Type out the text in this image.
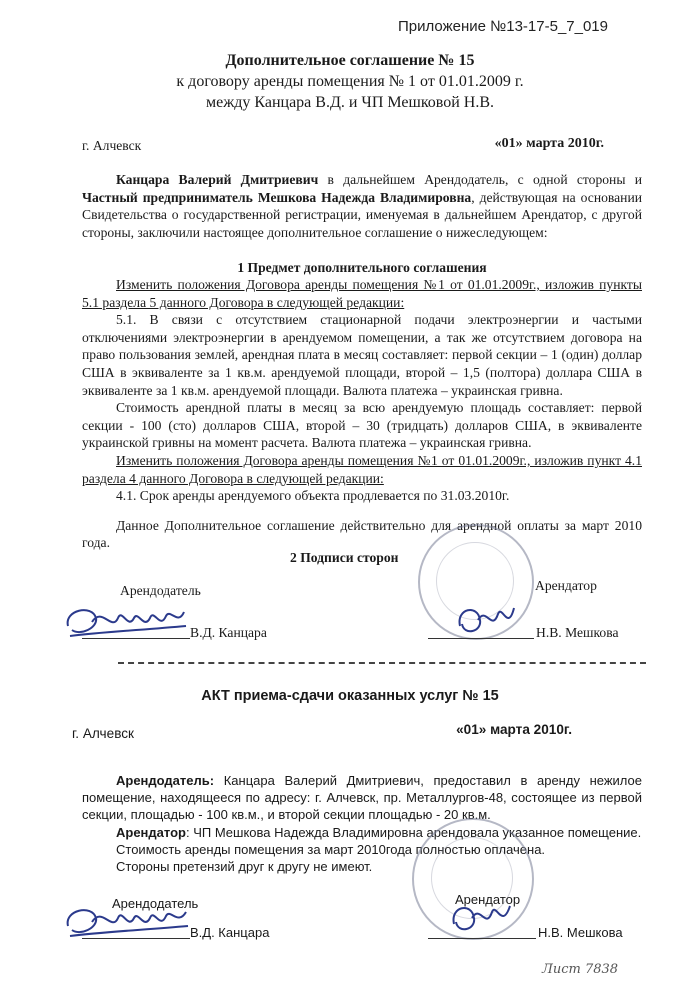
Приложение №13-17-5_7_019
Дополнительное соглашение № 15
к договору аренды помещения № 1 от 01.01.2009 г.
между Канцара В.Д. и ЧП Мешковой Н.В.
г. Алчевск	«01» марта 2010г.

Канцара Валерий Дмитриевич в дальнейшем Арендодатель, с одной стороны и Частный предприниматель Мешкова Надежда Владимировна, действующая на основании Свидетельства о государственной регистрации, именуемая в дальнейшем Арендатор, с другой стороны, заключили настоящее дополнительное соглашение о нижеследующем:

1 Предмет дополнительного соглашения

Изменить положения Договора аренды помещения №1 от 01.01.2009г., изложив пункты 5.1 раздела 5 данного Договора в следующей редакции:

5.1. В связи с отсутствием стационарной подачи электроэнергии и частыми отключениями электроэнергии в арендуемом помещении, а так же отсутствием договора на право пользования землей, арендная плата в месяц составляет: первой секции – 1 (один) доллар США в эквиваленте за 1 кв.м. арендуемой площади, второй – 1,5 (полтора) доллара США в эквиваленте за 1 кв.м. арендуемой площади. Валюта платежа – украинская гривна.

Стоимость арендной платы в месяц за всю арендуемую площадь составляет: первой секции - 100 (сто) долларов США, второй – 30 (тридцать) долларов США, в эквиваленте украинской гривны на момент расчета. Валюта платежа – украинская гривна.

Изменить положения Договора аренды помещения №1 от 01.01.2009г., изложив пункт 4.1 раздела 4 данного Договора в следующей редакции:

4.1. Срок аренды арендуемого объекта продлевается по 31.03.2010г.

Данное Дополнительное соглашение действительно для арендной оплаты за март 2010 года.

2 Подписи сторон
Арендодатель	Арендатор
В.Д. Канцара	Н.В. Мешкова
АКТ приема-сдачи оказанных услуг № 15
г. Алчевск	«01» марта 2010г.

Арендодатель: Канцара Валерий Дмитриевич, предоставил в аренду нежилое помещение, находящееся по адресу: г. Алчевск, пр. Металлургов-48, состоящее из первой секции, площадью - 100 кв.м., и второй секции площадью - 20 кв.м.

Арендатор: ЧП Мешкова Надежда Владимировна арендовала указанное помещение.

Стоимость аренды помещения за март 2010года полностью оплачена.

Стороны претензий друг к другу не имеют.

Арендодатель	Арендатор
В.Д. Канцара	Н.В. Мешкова
Лист 7838
